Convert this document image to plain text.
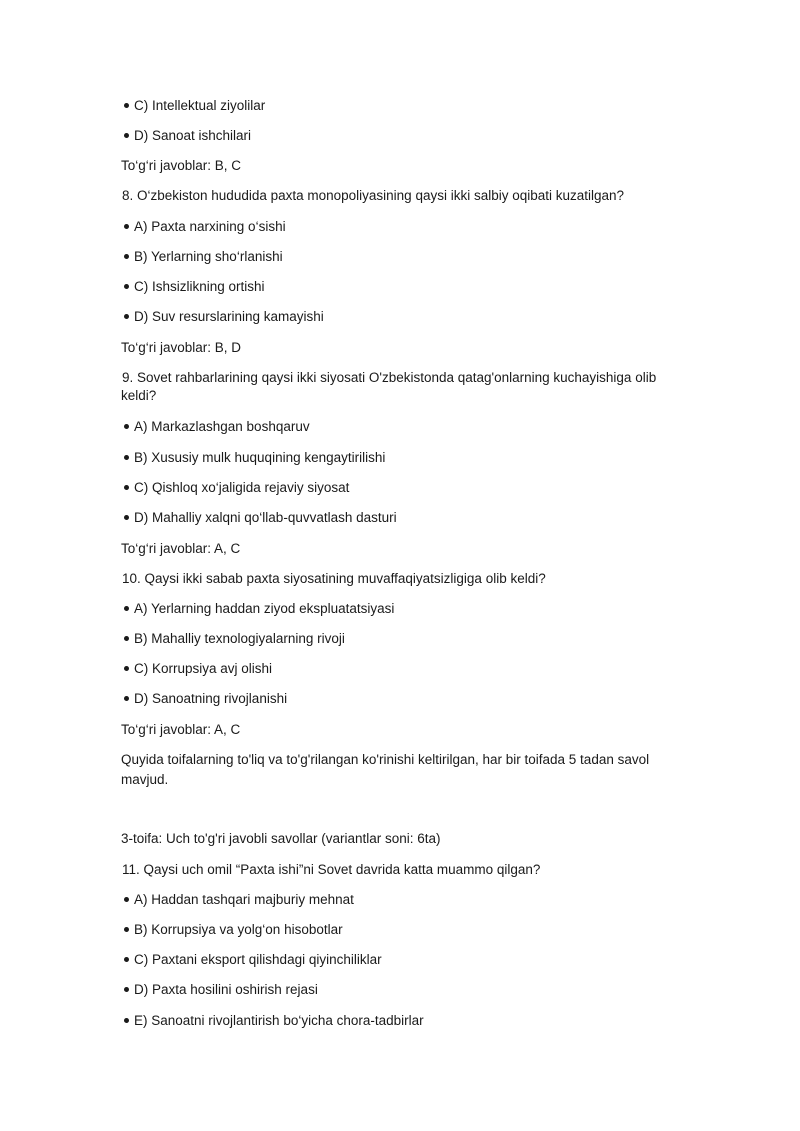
C) Intellektual ziyolilar
D) Sanoat ishchilari
To‘g‘ri javoblar: B, C
8. O‘zbekiston hududida paxta monopoliyasining qaysi ikki salbiy oqibati kuzatilgan?
A) Paxta narxining o‘sishi
B) Yerlarning sho‘rlanishi
C) Ishsizlikning ortishi
D) Suv resurslarining kamayishi
To‘g‘ri javoblar: B, D
9. Sovet rahbarlarining qaysi ikki siyosati O'zbekistonda qatag'onlarning kuchayishiga olib
keldi?
A) Markazlashgan boshqaruv
B) Xususiy mulk huquqining kengaytirilishi
C) Qishloq xo‘jaligida rejaviy siyosat
D) Mahalliy xalqni qo‘llab-quvvatlash dasturi
To‘g‘ri javoblar: A, C
10. Qaysi ikki sabab paxta siyosatining muvaffaqiyatsizligiga olib keldi?
A) Yerlarning haddan ziyod ekspluatatsiyasi
B) Mahalliy texnologiyalarning rivoji
C) Korrupsiya avj olishi
D) Sanoatning rivojlanishi
To‘g‘ri javoblar: A, C
Quyida toifalarning to'liq va to'g'rilangan ko'rinishi keltirilgan, har bir toifada 5 tadan savol
mavjud.
3-toifa: Uch to'g'ri javobli savollar (variantlar soni: 6ta)
11. Qaysi uch omil “Paxta ishi”ni Sovet davrida katta muammo qilgan?
A) Haddan tashqari majburiy mehnat
B) Korrupsiya va yolg‘on hisobotlar
C) Paxtani eksport qilishdagi qiyinchiliklar
D) Paxta hosilini oshirish rejasi
E) Sanoatni rivojlantirish bo‘yicha chora-tadbirlar
